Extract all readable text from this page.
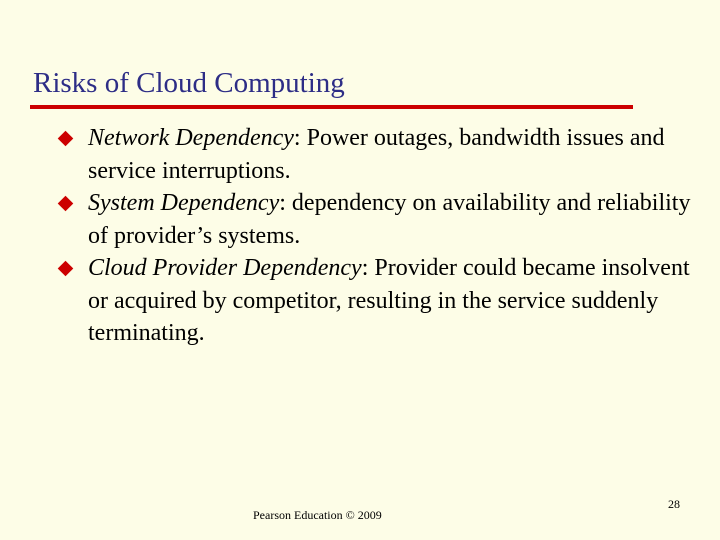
Risks of Cloud Computing
Network Dependency: Power outages, bandwidth issues and service interruptions.
System Dependency: dependency on availability and reliability of provider’s systems.
Cloud Provider Dependency: Provider could became insolvent or acquired by competitor, resulting in the service suddenly terminating.
Pearson Education © 2009
28
